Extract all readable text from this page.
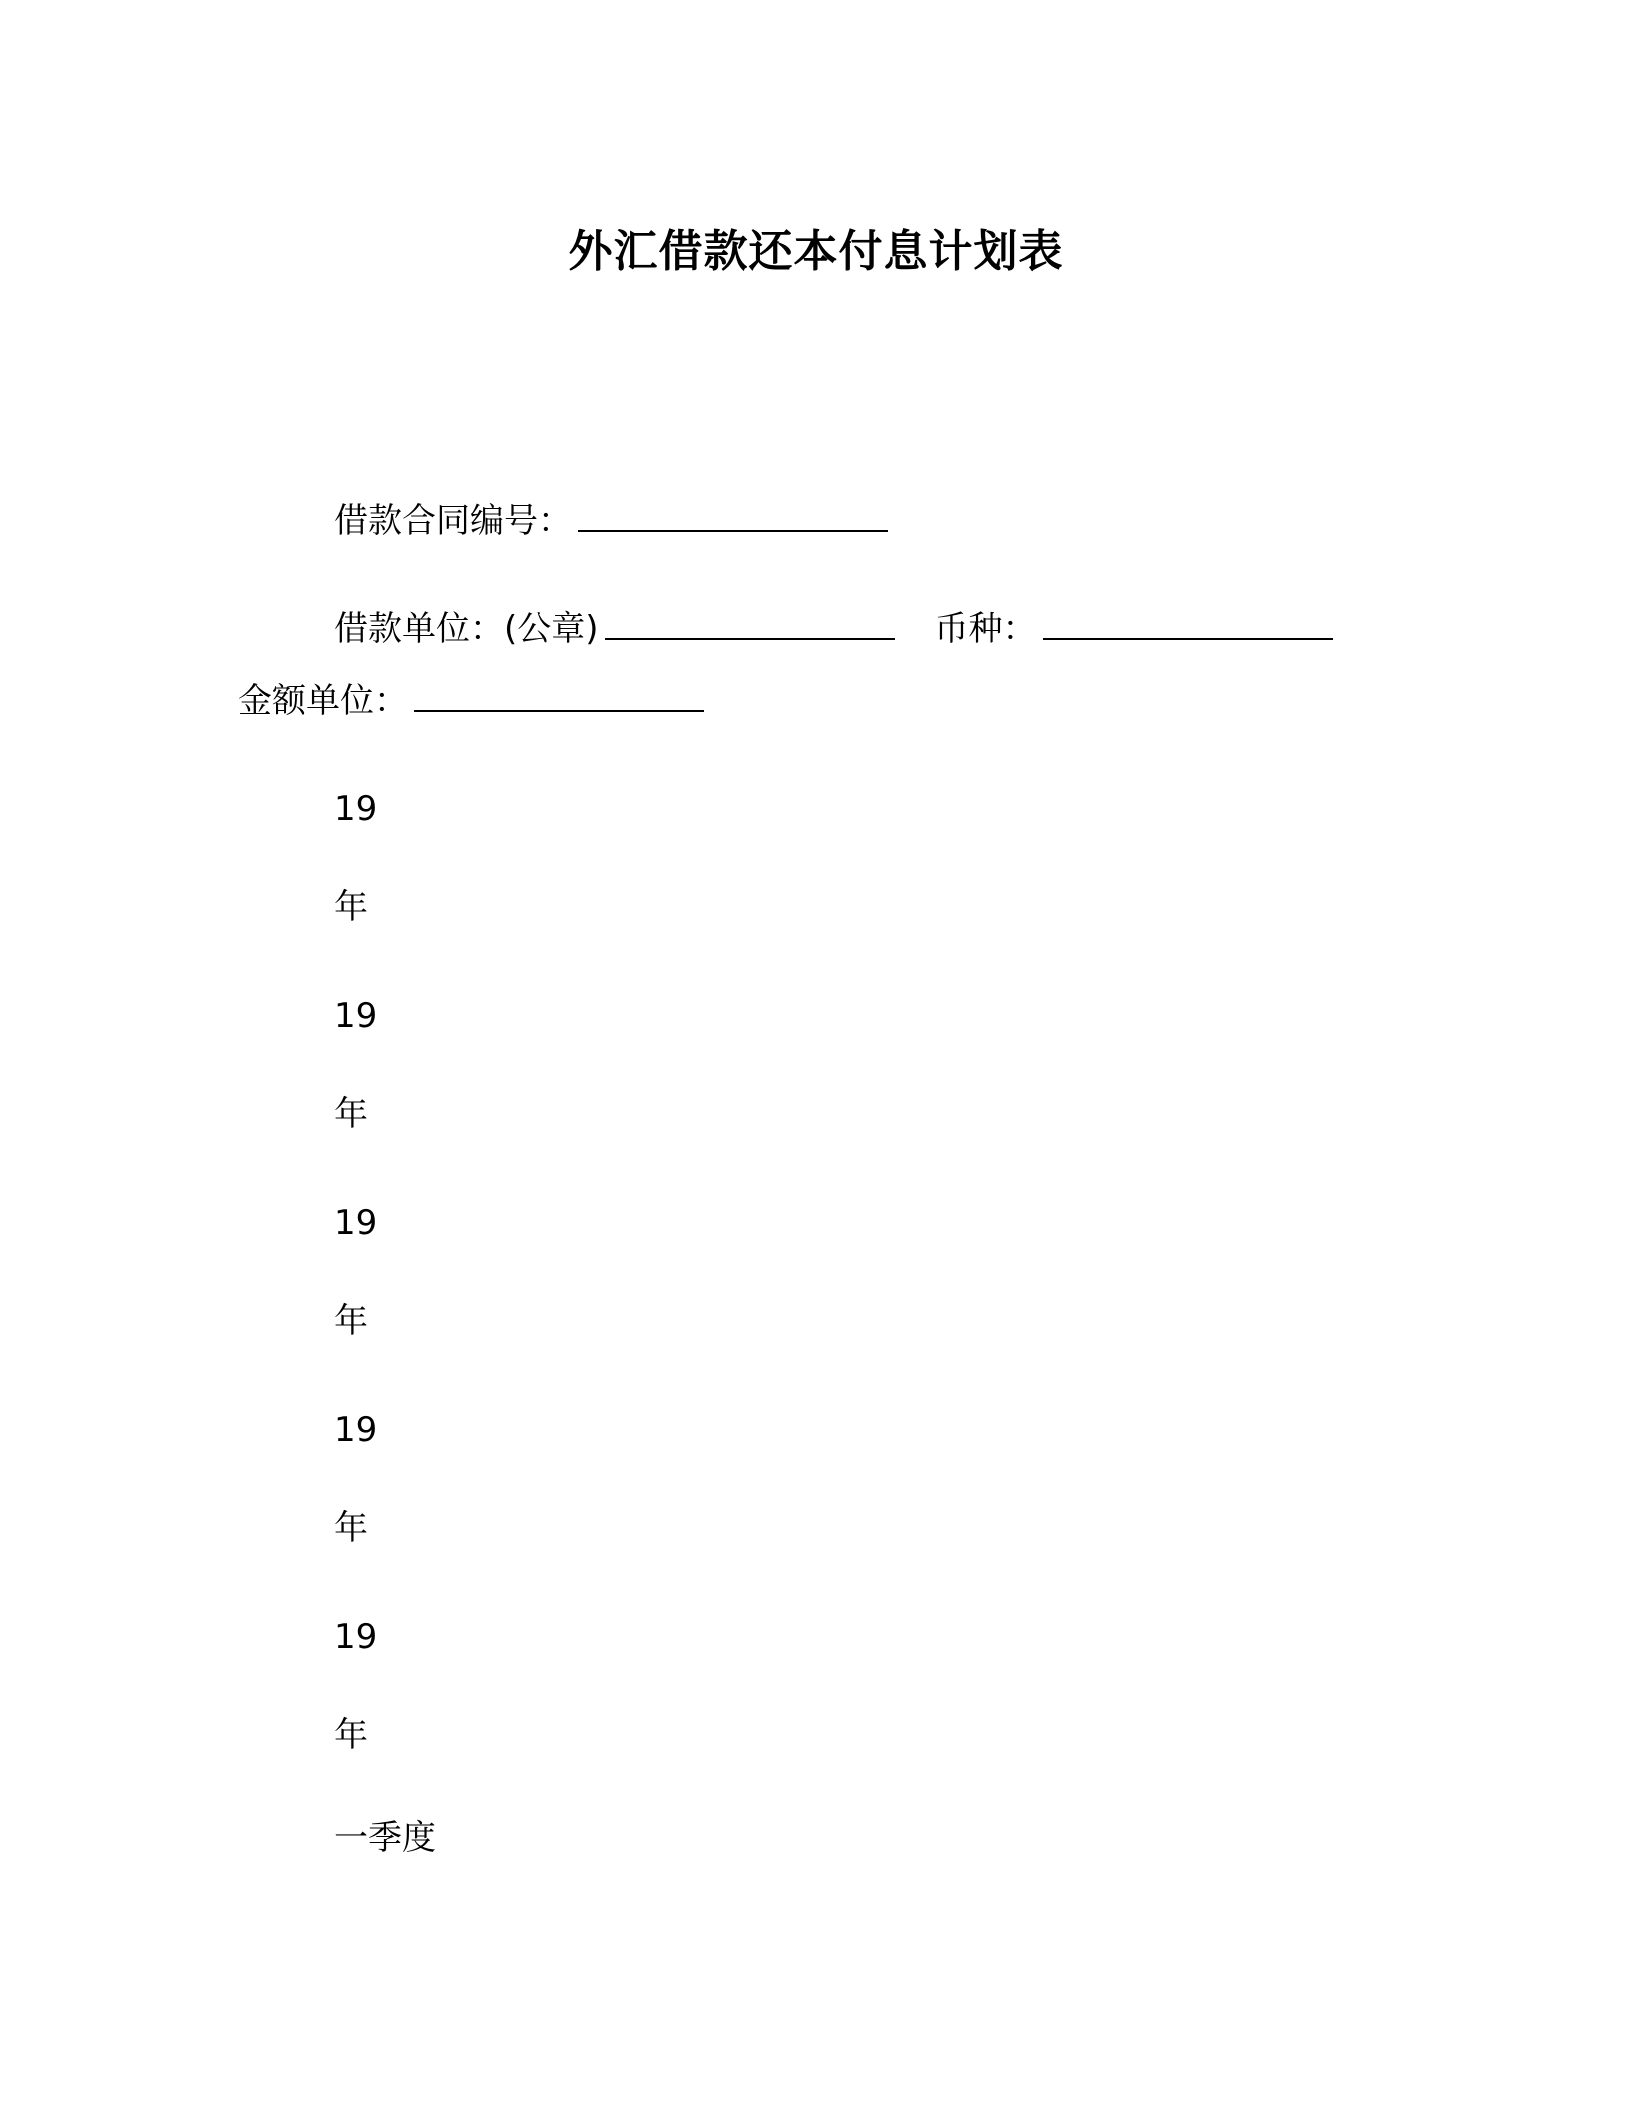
外汇借款还本付息计划表
借款合同编号：
借款单位：(公章)	币种：
金额单位：
19
年
19
年
19
年
19
年
19
年
一季度
